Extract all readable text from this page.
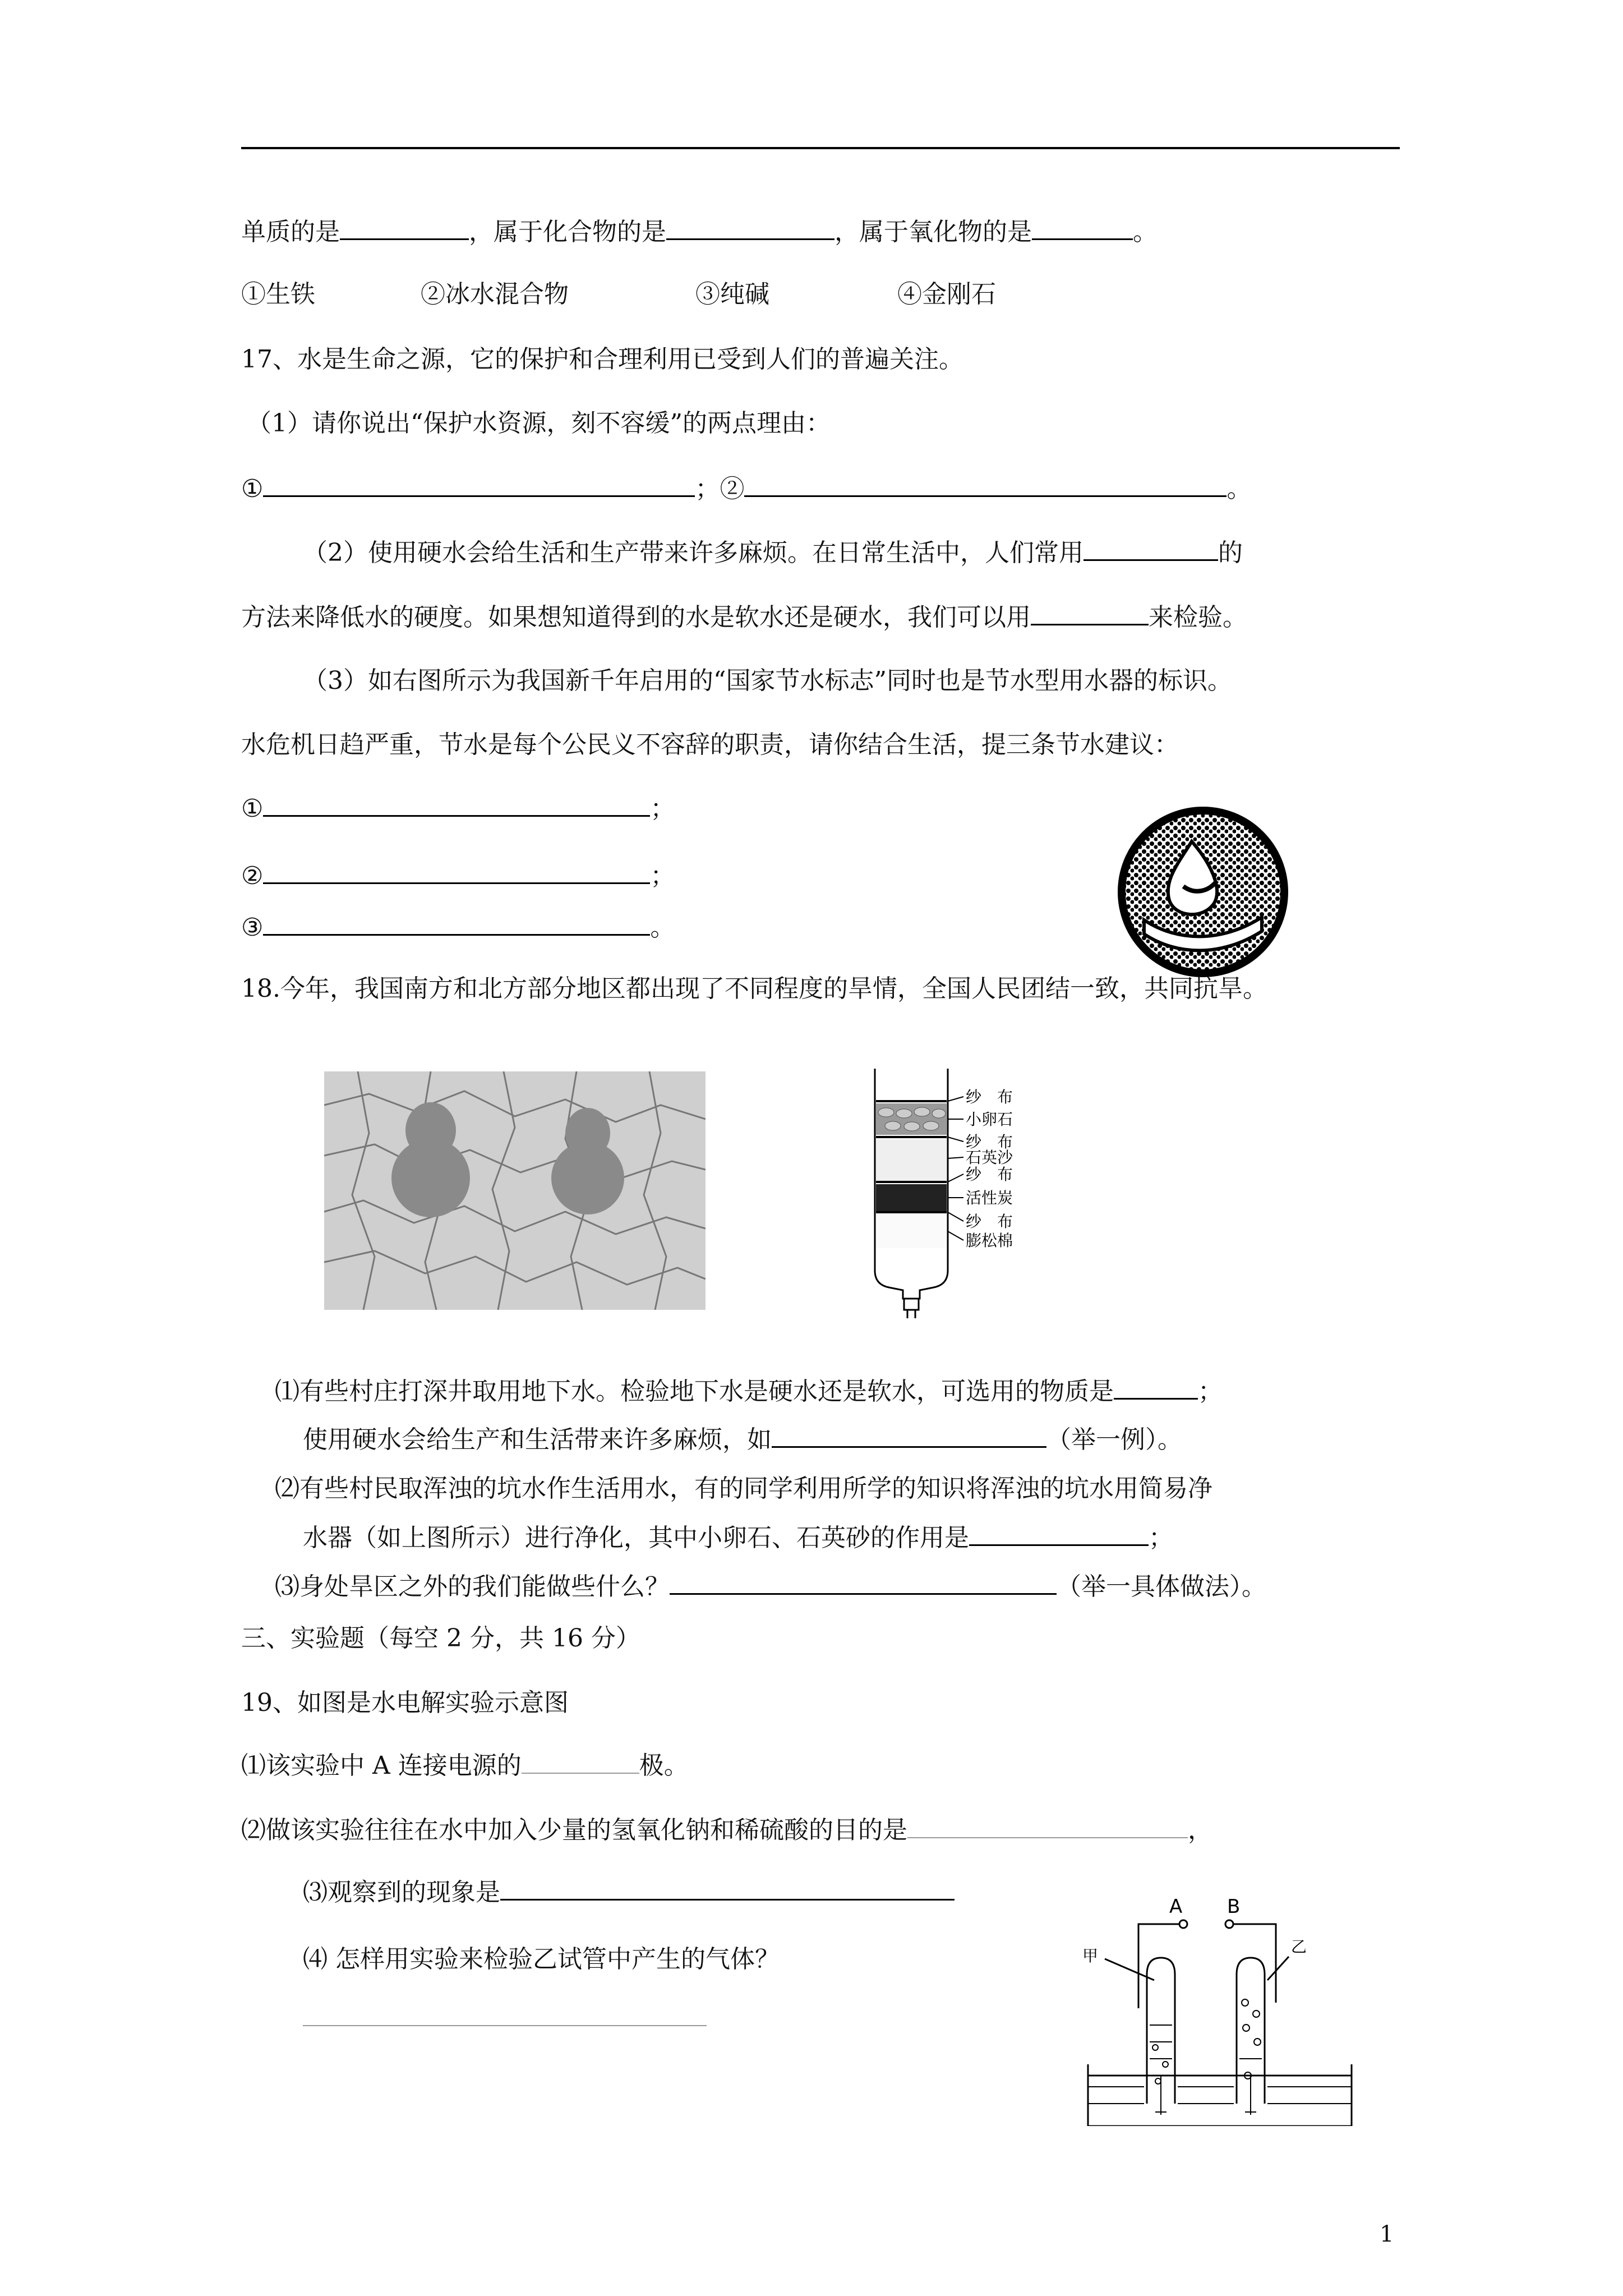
单质的是	，属于化合物的是	，属于氧化物的是	。
①生铁	②冰水混合物	③纯碱	④金刚石
17、水是生命之源，它的保护和合理利用已受到人们的普遍关注。
（1）请你说出“保护水资源，刻不容缓”的两点理由：
①	；②	。
（2）使用硬水会给生活和生产带来许多麻烦。在日常生活中，人们常用	的
方法来降低水的硬度。如果想知道得到的水是软水还是硬水，我们可以用	来检验。
（3）如右图所示为我国新千年启用的“国家节水标志”同时也是节水型用水器的标识。
水危机日趋严重，节水是每个公民义不容辞的职责，请你结合生活，提三条节水建议：
①	；
②	；
③	。
18.今年，我国南方和北方部分地区都出现了不同程度的旱情，全国人民团结一致，共同抗旱。
纱　布
小卵石
纱　布
石英沙
纱　布
活性炭
纱　布
膨松棉
⑴有些村庄打深井取用地下水。检验地下水是硬水还是软水，可选用的物质是	；
使用硬水会给生产和生活带来许多麻烦，如	（举一例）。
⑵有些村民取浑浊的坑水作生活用水，有的同学利用所学的知识将浑浊的坑水用简易净
水器（如上图所示）进行净化，其中小卵石、石英砂的作用是	；
⑶身处旱区之外的我们能做些什么？	（举一具体做法）。
三、实验题（每空 2 分，共 16 分）
19、如图是水电解实验示意图
⑴该实验中 A 连接电源的	极。
⑵做该实验往往在水中加入少量的氢氧化钠和稀硫酸的目的是	，
⑶观察到的现象是
⑷ 怎样用实验来检验乙试管中产生的气体？
A B
甲	乙
1
